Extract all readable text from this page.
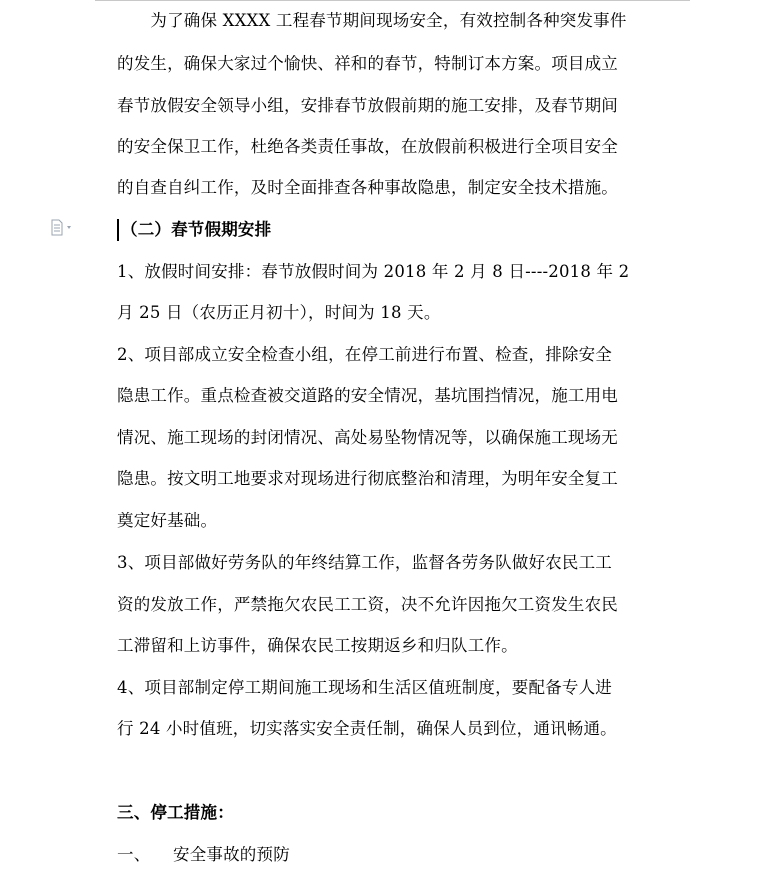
　　为了确保 XXXX 工程春节期间现场安全，有效控制各种突发事件
的发生，确保大家过个愉快、祥和的春节，特制订本方案。项目成立
春节放假安全领导小组，安排春节放假前期的施工安排，及春节期间
的安全保卫工作，杜绝各类责任事故，在放假前积极进行全项目安全
的自查自纠工作，及时全面排查各种事故隐患，制定安全技术措施。
（二）春节假期安排
1、放假时间安排：春节放假时间为 2018 年 2 月 8 日----2018 年 2
月 25 日（农历正月初十），时间为 18 天。
2、项目部成立安全检查小组，在停工前进行布置、检查，排除安全
隐患工作。重点检查被交道路的安全情况，基坑围挡情况，施工用电
情况、施工现场的封闭情况、高处易坠物情况等，以确保施工现场无
隐患。按文明工地要求对现场进行彻底整治和清理，为明年安全复工
奠定好基础。
3、项目部做好劳务队的年终结算工作，监督各劳务队做好农民工工
资的发放工作，严禁拖欠农民工工资，决不允许因拖欠工资发生农民
工滞留和上访事件，确保农民工按期返乡和归队工作。
4、项目部制定停工期间施工现场和生活区值班制度，要配备专人进
行 24 小时值班，切实落实安全责任制，确保人员到位，通讯畅通。
三、停工措施：
一、 安全事故的预防
